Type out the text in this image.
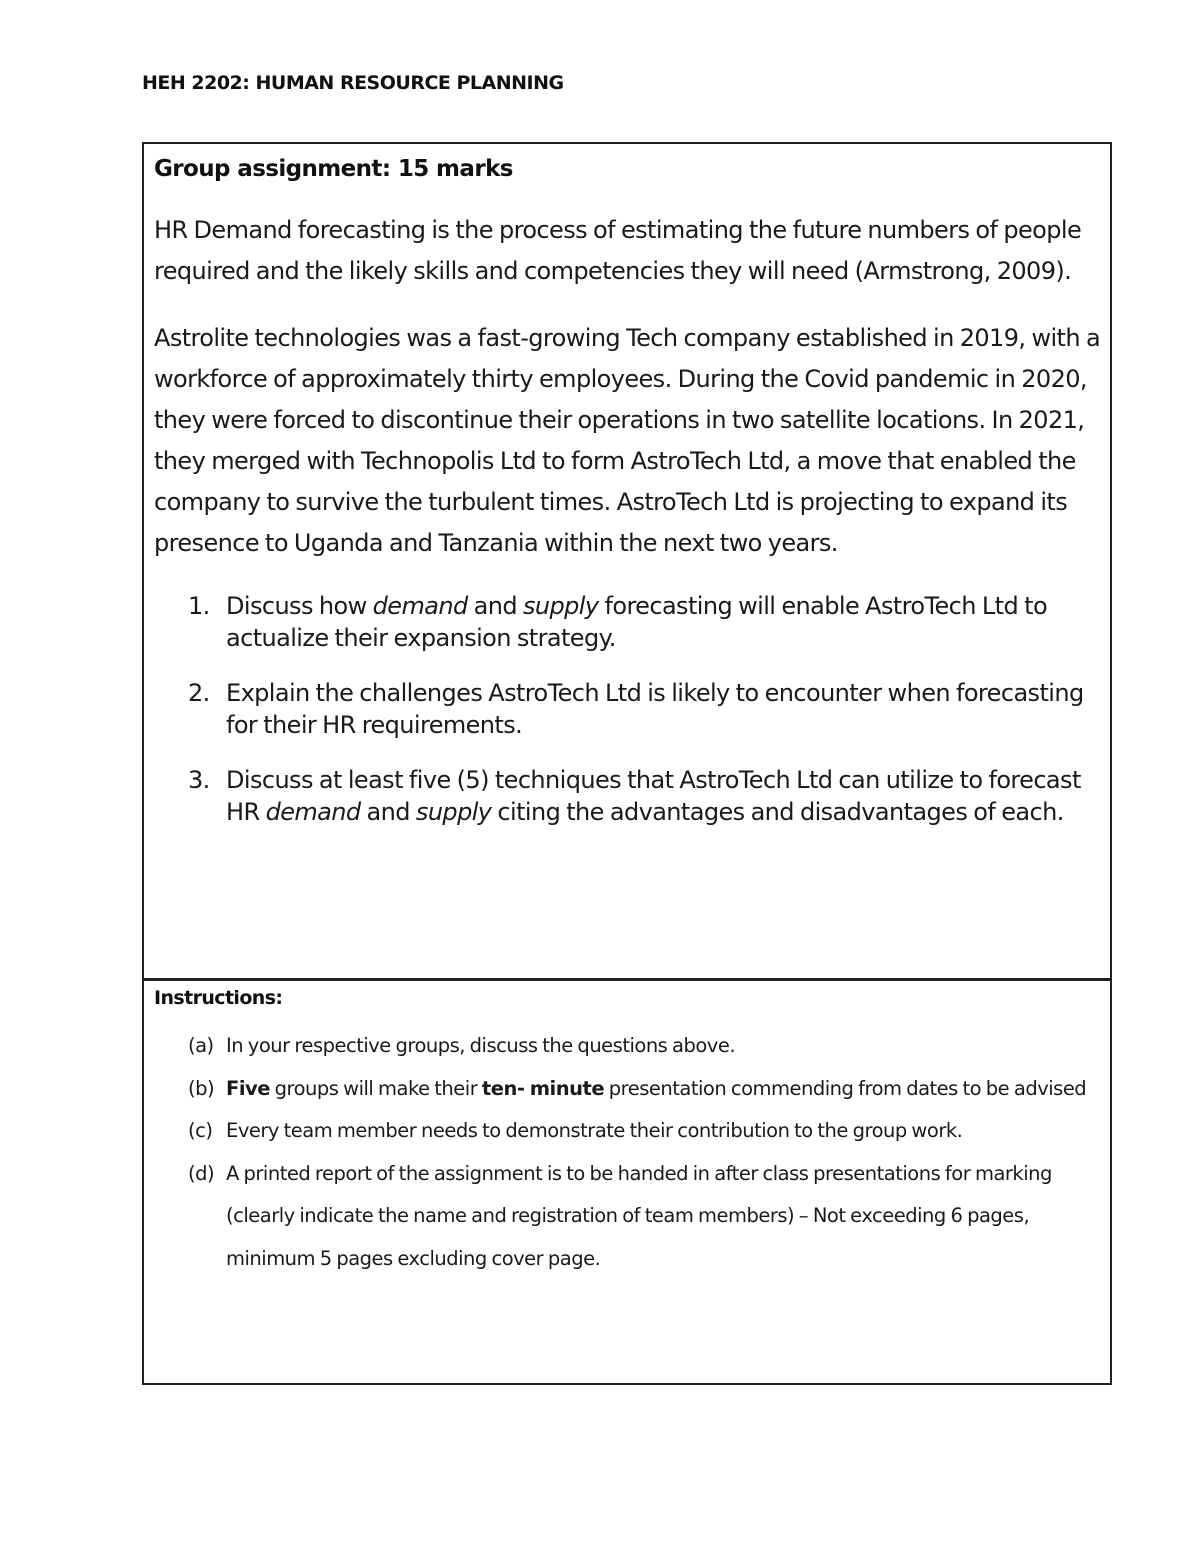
HEH 2202: HUMAN RESOURCE PLANNING
Group assignment: 15 marks

HR Demand forecasting is the process of estimating the future numbers of people required and the likely skills and competencies they will need (Armstrong, 2009).

Astrolite technologies was a fast-growing Tech company established in 2019, with a workforce of approximately thirty employees. During the Covid pandemic in 2020, they were forced to discontinue their operations in two satellite locations. In 2021, they merged with Technopolis Ltd to form AstroTech Ltd, a move that enabled the company to survive the turbulent times. AstroTech Ltd is projecting to expand its presence to Uganda and Tanzania within the next two years.

1. Discuss how demand and supply forecasting will enable AstroTech Ltd to actualize their expansion strategy.
2. Explain the challenges AstroTech Ltd is likely to encounter when forecasting for their HR requirements.
3. Discuss at least five (5) techniques that AstroTech Ltd can utilize to forecast HR demand and supply citing the advantages and disadvantages of each.
Instructions:
(a) In your respective groups, discuss the questions above.
(b) Five groups will make their ten- minute presentation commending from dates to be advised
(c) Every team member needs to demonstrate their contribution to the group work.
(d) A printed report of the assignment is to be handed in after class presentations for marking (clearly indicate the name and registration of team members) – Not exceeding 6 pages, minimum 5 pages excluding cover page.
